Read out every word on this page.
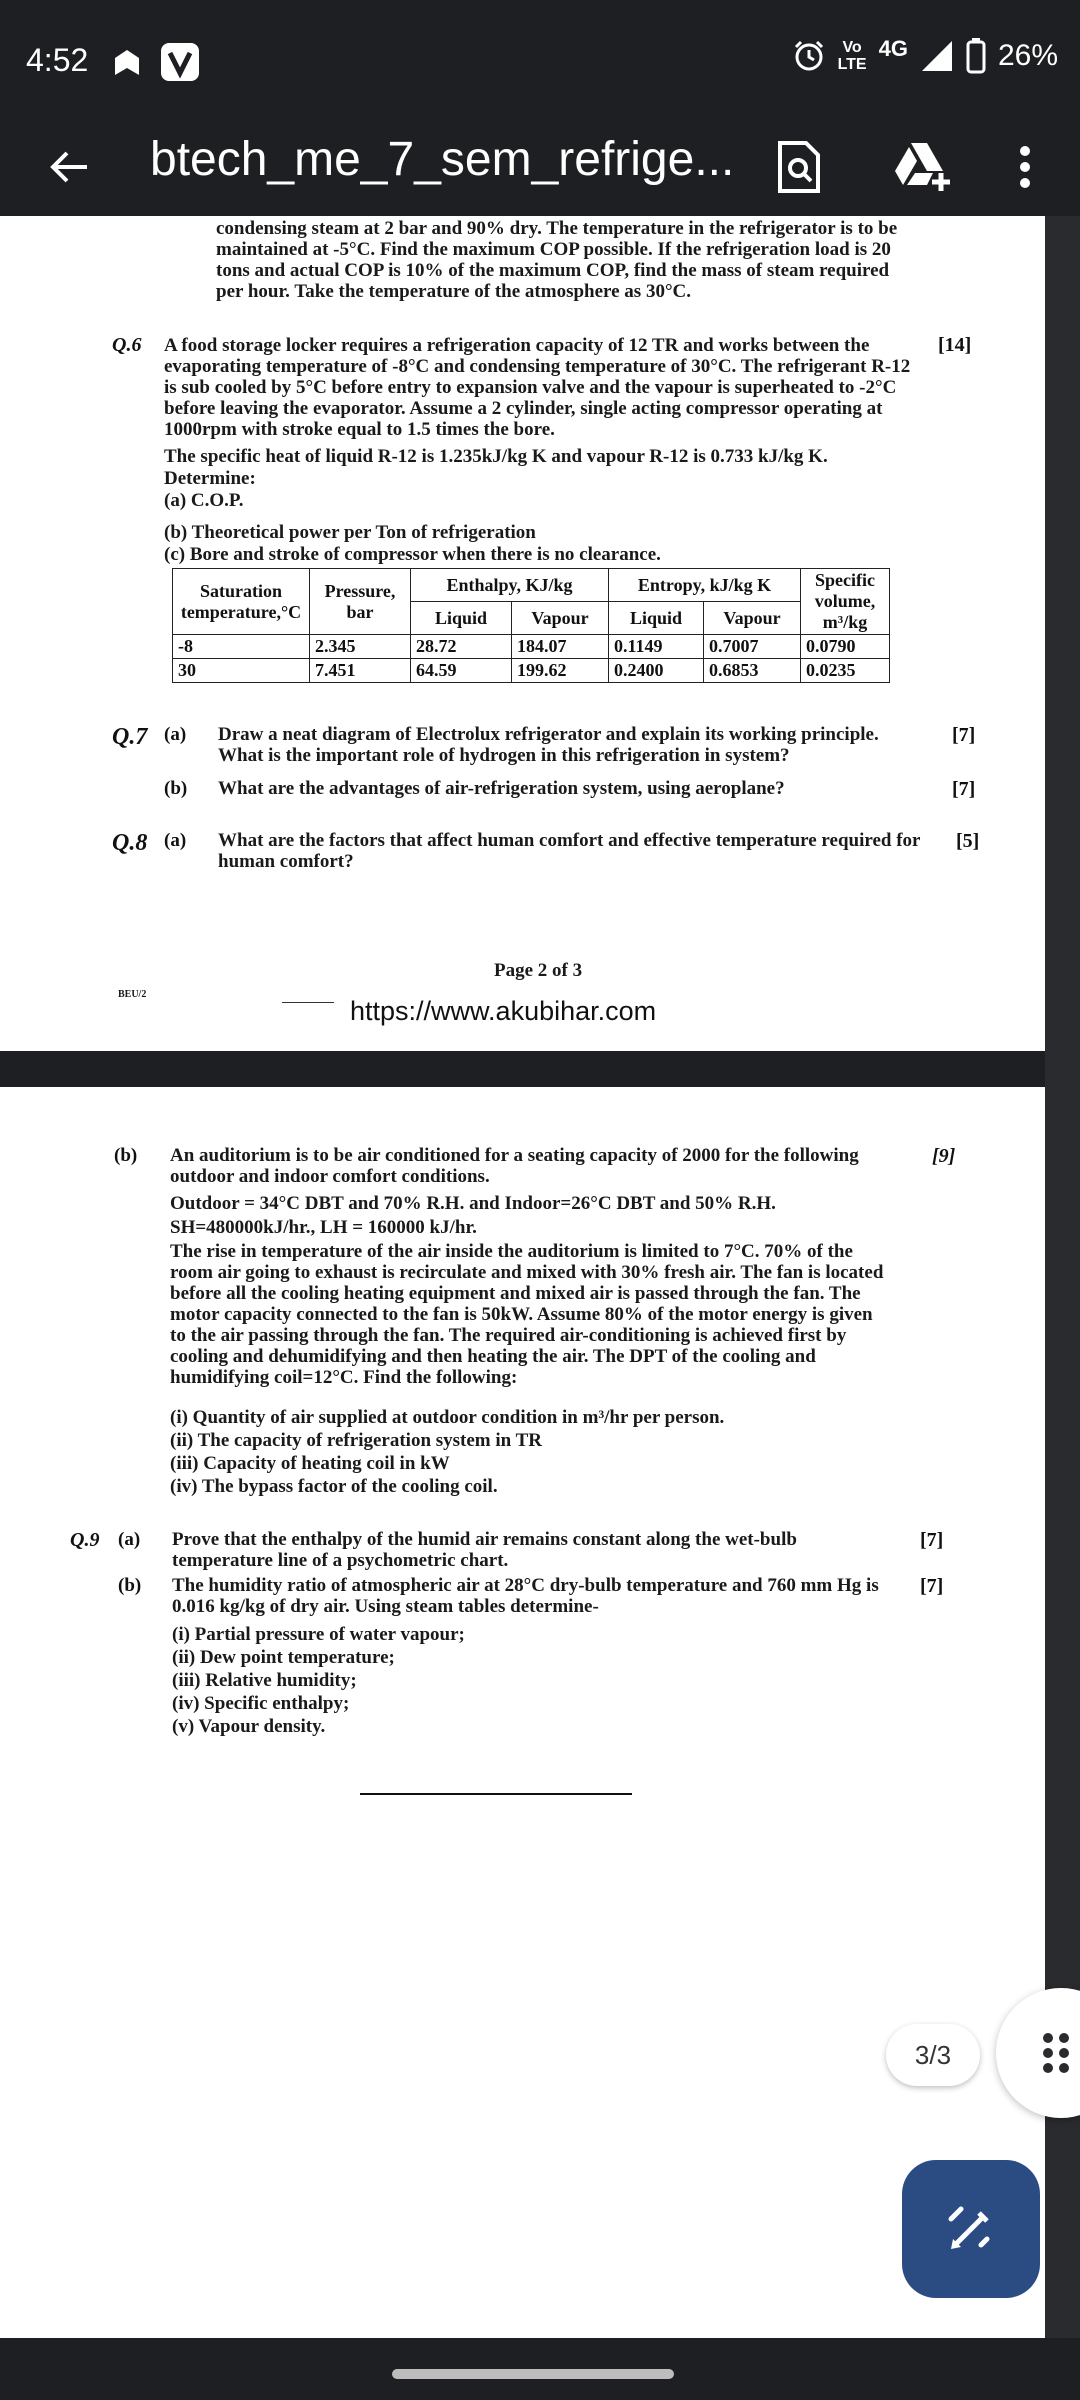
4:52	Vo
LTE
4G	26%
btech_me_7_sem_refrige...
condensing steam at 2 bar and 90% dry. The temperature in the refrigerator is to be maintained at -5°C. Find the maximum COP possible. If the refrigeration load is 20 tons and actual COP is 10% of the maximum COP, find the mass of steam required per hour. Take the temperature of the atmosphere as 30°C.
Q.6	[14]
A food storage locker requires a refrigeration capacity of 12 TR and works between the evaporating temperature of -8°C and condensing temperature of 30°C. The refrigerant R-12 is sub cooled by 5°C before entry to expansion valve and the vapour is superheated to -2°C before leaving the evaporator. Assume a 2 cylinder, single acting compressor operating at 1000rpm with stroke equal to 1.5 times the bore.
The specific heat of liquid R-12 is 1.235kJ/kg K and vapour R-12 is 0.733 kJ/kg K.
Determine:
(a) C.O.P.
(b) Theoretical power per Ton of refrigeration
(c) Bore and stroke of compressor when there is no clearance.
Saturation temperature,°C	Pressure, bar	Enthalpy, KJ/kg		Entropy, kJ/kg K		Specific volume, m³/kg
		Liquid	Vapour	Liquid	Vapour	
-8	2.345	28.72	184.07	0.1149	0.7007	0.0790
30	7.451	64.59	199.62	0.2400	0.6853	0.0235
Q.7 (a) Draw a neat diagram of Electrolux refrigerator and explain its working principle. What is the important role of hydrogen in this refrigeration in system?
[7]
(b) What are the advantages of air-refrigeration system, using aeroplane?	[7]
Q.8 (a) What are the factors that affect human comfort and effective temperature required for human comfort?
[5]
BEU/2
Page 2 of 3
https://www.akubihar.com
(b)	[9]
An auditorium is to be air conditioned for a seating capacity of 2000 for the following outdoor and indoor comfort conditions.
Outdoor = 34°C DBT and 70% R.H. and Indoor=26°C DBT and 50% R.H.
SH=480000kJ/hr., LH = 160000 kJ/hr.
The rise in temperature of the air inside the auditorium is limited to 7°C. 70% of the room air going to exhaust is recirculate and mixed with 30% fresh air. The fan is located before all the cooling heating equipment and mixed air is passed through the fan. The motor capacity connected to the fan is 50kW. Assume 80% of the motor energy is given to the air passing through the fan. The required air-conditioning is achieved first by cooling and dehumidifying and then heating the air. The DPT of the cooling and humidifying coil=12°C. Find the following:
(i) Quantity of air supplied at outdoor condition in m³/hr per person.
(ii) The capacity of refrigeration system in TR
(iii) Capacity of heating coil in kW
(iv) The bypass factor of the cooling coil.
Q.9 (a) Prove that the enthalpy of the humid air remains constant along the wet-bulb temperature line of a psychometric chart.
[7]
(b) The humidity ratio of atmospheric air at 28°C dry-bulb temperature and 760 mm Hg is 0.016 kg/kg of dry air. Using steam tables determine-
[7]
(i) Partial pressure of water vapour;
(ii) Dew point temperature;
(iii) Relative humidity;
(iv) Specific enthalpy;
(v) Vapour density.
3/3
